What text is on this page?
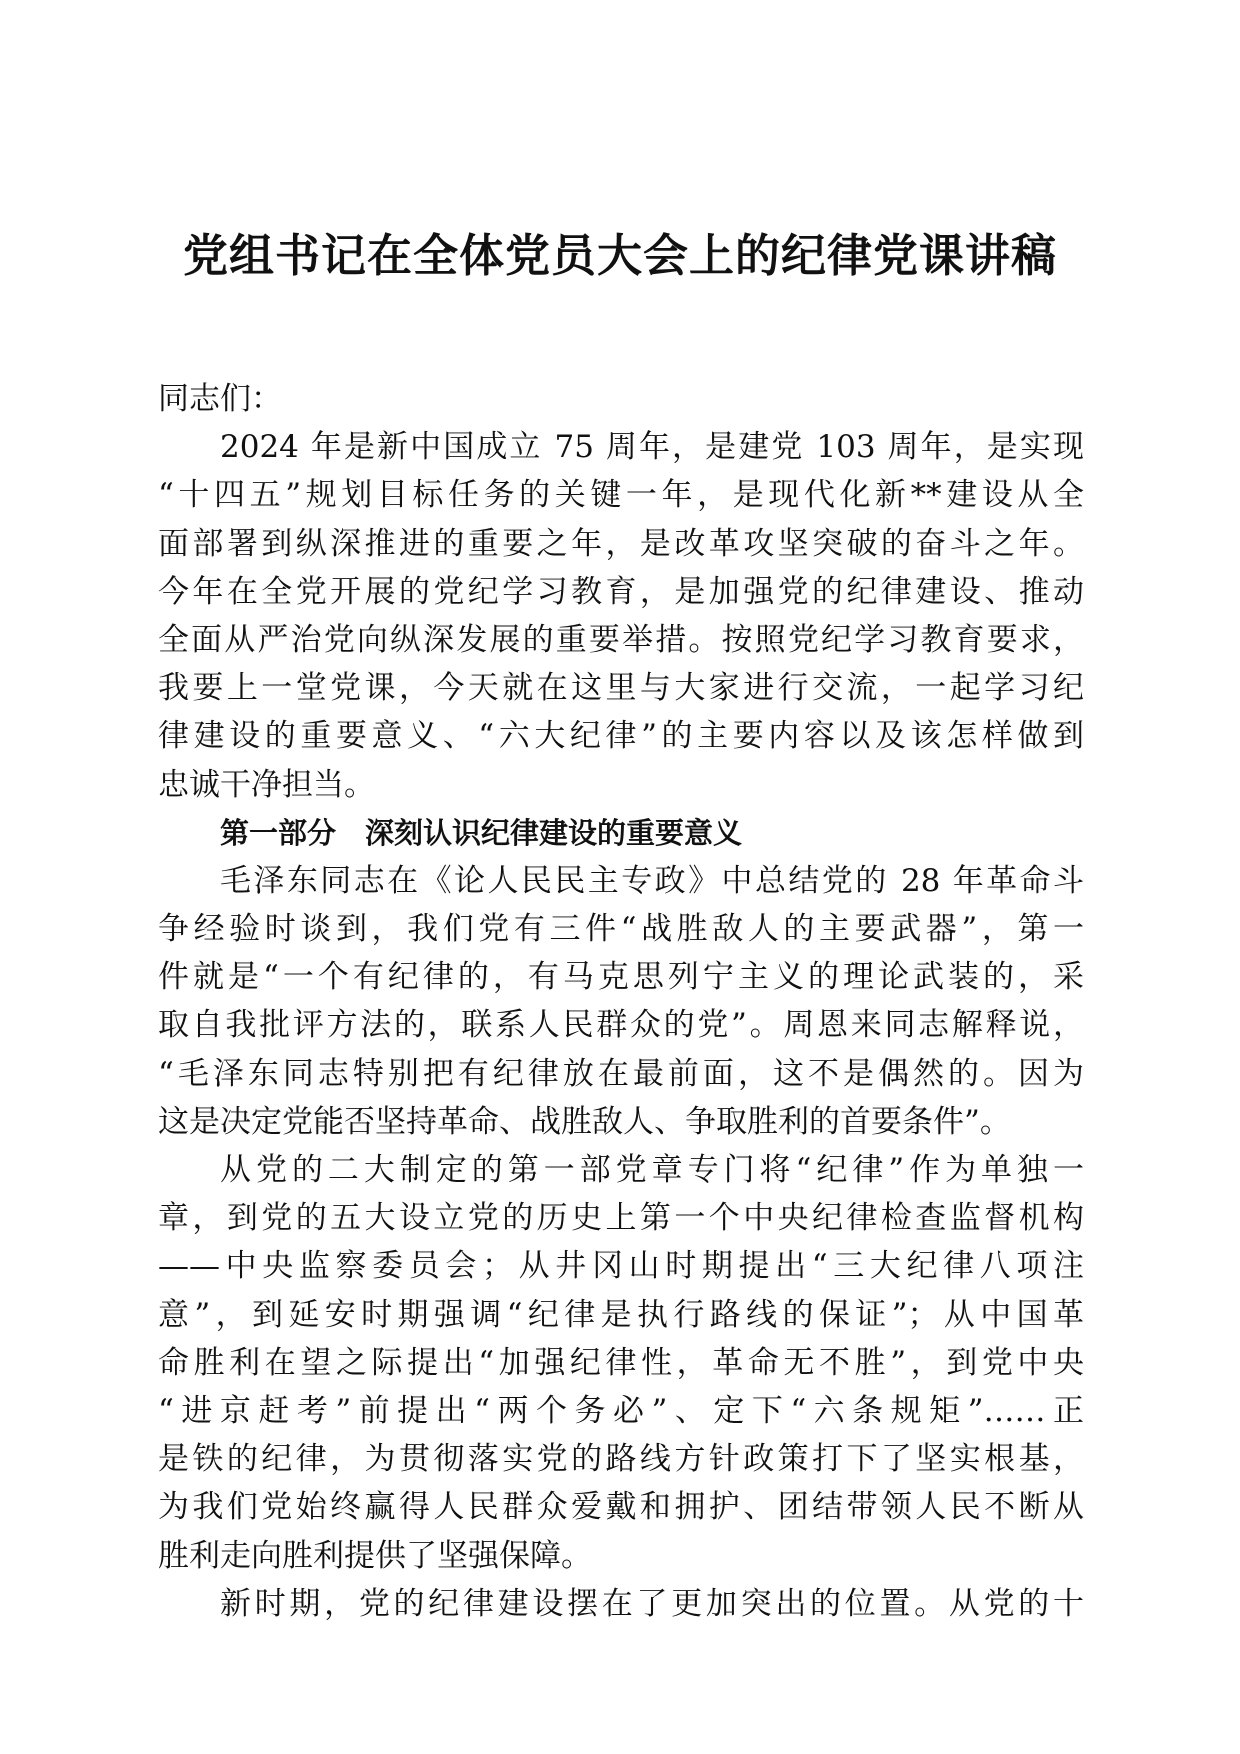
党组书记在全体党员大会上的纪律党课讲稿
同志们：
2024 年是新中国成立 75 周年，是建党 103 周年，是实现
“十四五”规划目标任务的关键一年，是现代化新**建设从全
面部署到纵深推进的重要之年，是改革攻坚突破的奋斗之年。
今年在全党开展的党纪学习教育，是加强党的纪律建设、推动
全面从严治党向纵深发展的重要举措。按照党纪学习教育要求，
我要上一堂党课，今天就在这里与大家进行交流，一起学习纪
律建设的重要意义、“六大纪律”的主要内容以及该怎样做到
忠诚干净担当。
第一部分　深刻认识纪律建设的重要意义
毛泽东同志在《论人民民主专政》中总结党的 28 年革命斗
争经验时谈到，我们党有三件“战胜敌人的主要武器”，第一
件就是“一个有纪律的，有马克思列宁主义的理论武装的，采
取自我批评方法的，联系人民群众的党”。周恩来同志解释说，
“毛泽东同志特别把有纪律放在最前面，这不是偶然的。因为
这是决定党能否坚持革命、战胜敌人、争取胜利的首要条件”。
从党的二大制定的第一部党章专门将“纪律”作为单独一
章，到党的五大设立党的历史上第一个中央纪律检查监督机构
——中央监察委员会；从井冈山时期提出“三大纪律八项注
意”，到延安时期强调“纪律是执行路线的保证”；从中国革
命胜利在望之际提出“加强纪律性，革命无不胜”，到党中央
“进京赶考”前提出“两个务必”、定下“六条规矩”……正
是铁的纪律，为贯彻落实党的路线方针政策打下了坚实根基，
为我们党始终赢得人民群众爱戴和拥护、团结带领人民不断从
胜利走向胜利提供了坚强保障。
新时期，党的纪律建设摆在了更加突出的位置。从党的十
